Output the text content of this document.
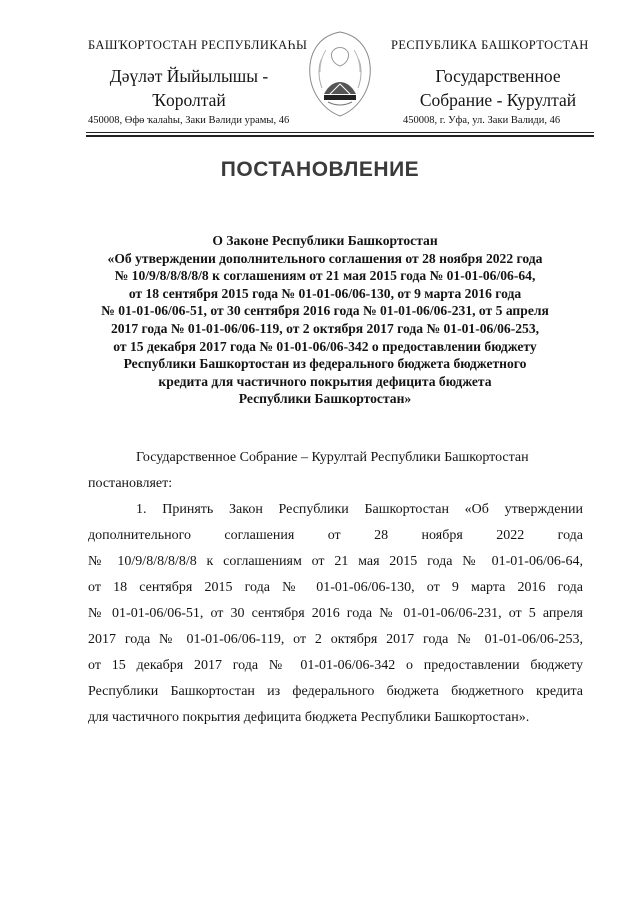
БАШҠОРТОСТАН РЕСПУБЛИКАҺЫ	РЕСПУБЛИКА БАШКОРТОСТАН
Дәүләт Йыйылышы -
Ҡоролтай
Государственное
Собрание - Курултай
450008, Өфө ҡалаһы, Заки Вәлиди урамы, 46	450008, г. Уфа, ул. Заки Валиди, 46
ПОСТАНОВЛЕНИЕ
О Законе Республики Башкортостан
«Об утверждении дополнительного соглашения от 28 ноября 2022 года
№ 10/9/8/8/8/8/8 к соглашениям от 21 мая 2015 года № 01-01-06/06-64,
от 18 сентября 2015 года № 01-01-06/06-130, от 9 марта 2016 года
№ 01-01-06/06-51, от 30 сентября 2016 года № 01-01-06/06-231, от 5 апреля
2017 года № 01-01-06/06-119, от 2 октября 2017 года № 01-01-06/06-253,
от 15 декабря 2017 года № 01-01-06/06-342 о предоставлении бюджету
Республики Башкортостан из федерального бюджета бюджетного
кредита для частичного покрытия дефицита бюджета
Республики Башкортостан»
Государственное Собрание – Курултай Республики Башкортостан
постановляет:
1. Принять Закон Республики Башкортостан «Об утверждении
дополнительного соглашения от 28 ноября 2022 года
№ 10/9/8/8/8/8/8 к соглашениям от 21 мая 2015 года № 01-01-06/06-64,
от 18 сентября 2015 года № 01-01-06/06-130, от 9 марта 2016 года
№ 01-01-06/06-51, от 30 сентября 2016 года № 01-01-06/06-231, от 5 апреля
2017 года № 01-01-06/06-119, от 2 октября 2017 года № 01-01-06/06-253,
от 15 декабря 2017 года № 01-01-06/06-342 о предоставлении бюджету
Республики Башкортостан из федерального бюджета бюджетного кредита
для частичного покрытия дефицита бюджета Республики Башкортостан».
